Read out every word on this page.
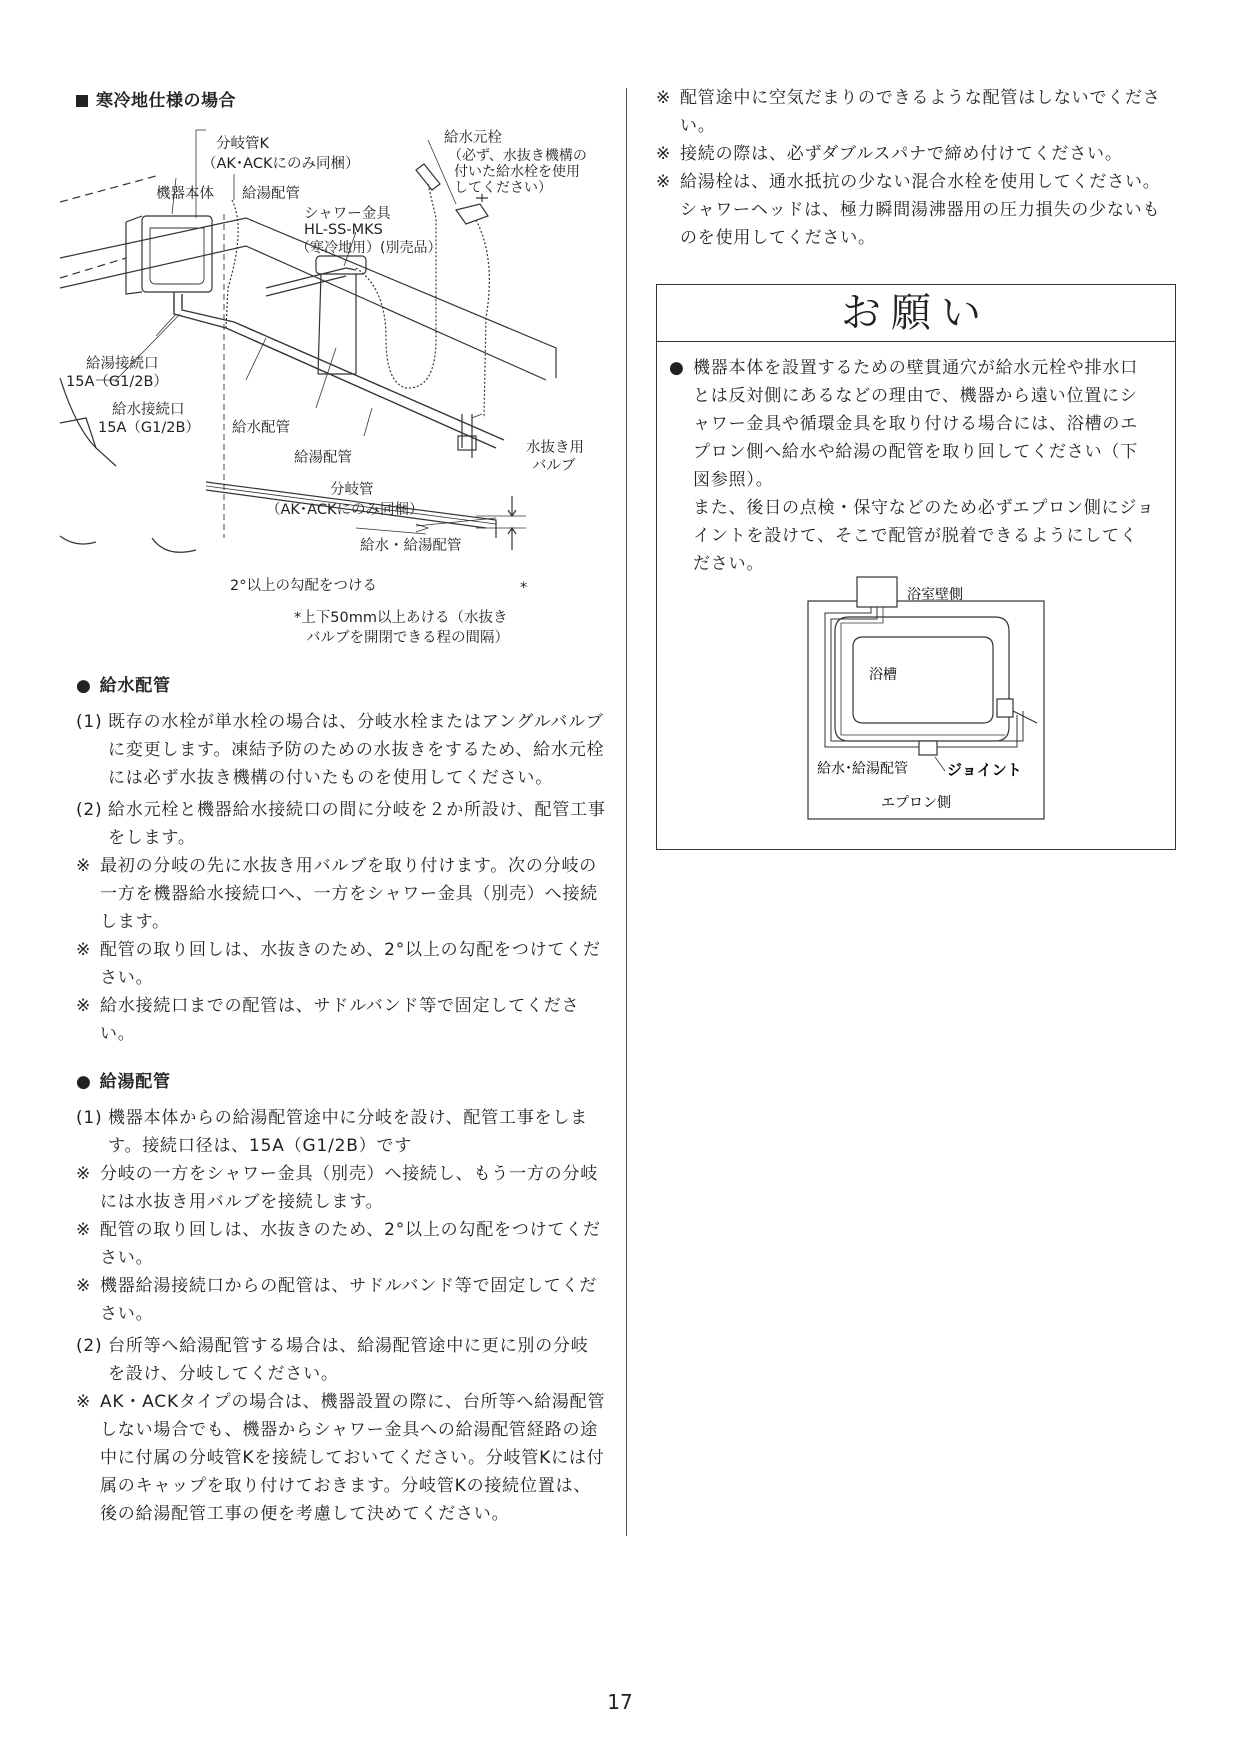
寒冷地仕様の場合
分岐管K
（AK･ACKにのみ同梱）
給水元栓
（必ず、水抜き機構の
付いた給水栓を使用
してください）
機器本体 給湯配管
シャワー金具
HL-SS-MKS
（寒冷地用）(別売品）
給湯接続口
15A（G1/2B）
給水接続口
15A（G1/2B） 給水配管
給湯配管
分岐管
（AK･ACKにのみ同梱）
水抜き用
バルブ
給水・給湯配管
2°以上の勾配をつける	*
*上下50mm以上あける（水抜き
バルブを開閉できる程の間隔）
● 給水配管

(1) 既存の水栓が単水栓の場合は、分岐水栓またはアングルバルブに変更します。凍結予防のための水抜きをするため、給水元栓には必ず水抜き機構の付いたものを使用してください。

(2) 給水元栓と機器給水接続口の間に分岐を２か所設け、配管工事をします。

※ 最初の分岐の先に水抜き用バルブを取り付けます。次の分岐の一方を機器給水接続口へ、一方をシャワー金具（別売）へ接続します。

※ 配管の取り回しは、水抜きのため、2°以上の勾配をつけてください。

※ 給水接続口までの配管は、サドルバンド等で固定してください。

● 給湯配管

(1) 機器本体からの給湯配管途中に分岐を設け、配管工事をします。接続口径は、15A（G1/2B）です

※ 分岐の一方をシャワー金具（別売）へ接続し、もう一方の分岐には水抜き用バルブを接続します。

※ 配管の取り回しは、水抜きのため、2°以上の勾配をつけてください。

※ 機器給湯接続口からの配管は、サドルバンド等で固定してください。

(2) 台所等へ給湯配管する場合は、給湯配管途中に更に別の分岐を設け、分岐してください。

※ AK・ACKタイプの場合は、機器設置の際に、台所等へ給湯配管しない場合でも、機器からシャワー金具への給湯配管経路の途中に付属の分岐管Kを接続しておいてください。分岐管Kには付属のキャップを取り付けておきます。分岐管Kの接続位置は、後の給湯配管工事の便を考慮して決めてください。

※ 配管途中に空気だまりのできるような配管はしないでください。

※ 接続の際は、必ずダブルスパナで締め付けてください。

※ 給湯栓は、通水抵抗の少ない混合水栓を使用してください。シャワーヘッドは、極力瞬間湯沸器用の圧力損失の少ないものを使用してください。

お願い
● 機器本体を設置するための壁貫通穴が給水元栓や排水口とは反対側にあるなどの理由で、機器から遠い位置にシャワー金具や循環金具を取り付ける場合には、浴槽のエプロン側へ給水や給湯の配管を取り回してください（下図参照）。
また、後日の点検・保守などのため必ずエプロン側にジョイントを設けて、そこで配管が脱着できるようにしてください。
浴室壁側
浴槽
給水･給湯配管	ジョイント
エプロン側
17
